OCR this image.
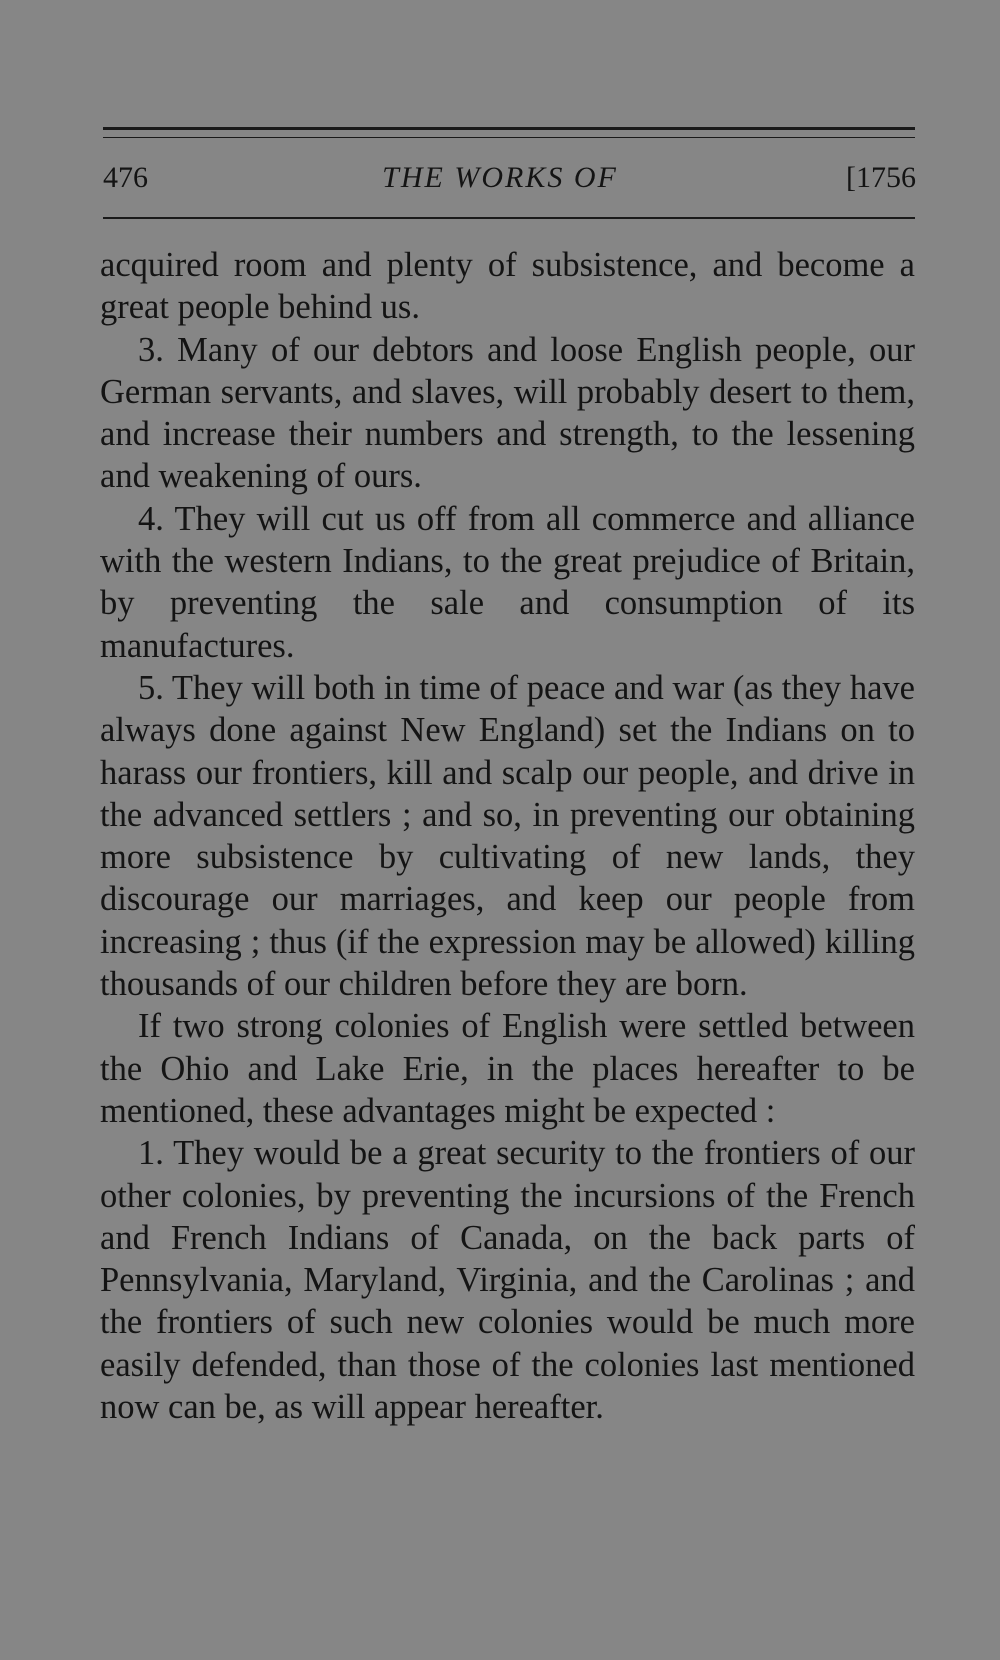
476	THE WORKS OF	[1756
acquired room and plenty of subsistence, and become a great people behind us.
3. Many of our debtors and loose English people, our German servants, and slaves, will probably desert to them, and increase their numbers and strength, to the lessening and weakening of ours.
4. They will cut us off from all commerce and alliance with the western Indians, to the great prejudice of Britain, by preventing the sale and consumption of its manufactures.
5. They will both in time of peace and war (as they have always done against New England) set the Indians on to harass our frontiers, kill and scalp our people, and drive in the advanced settlers ; and so, in preventing our obtaining more subsistence by cultivating of new lands, they discourage our marriages, and keep our people from increasing ; thus (if the expression may be allowed) killing thousands of our children before they are born.
If two strong colonies of English were settled between the Ohio and Lake Erie, in the places hereafter to be mentioned, these advantages might be expected :
1. They would be a great security to the frontiers of our other colonies, by preventing the incursions of the French and French Indians of Canada, on the back parts of Pennsylvania, Maryland, Virginia, and the Carolinas ; and the frontiers of such new colonies would be much more easily defended, than those of the colonies last mentioned now can be, as will appear hereafter.
